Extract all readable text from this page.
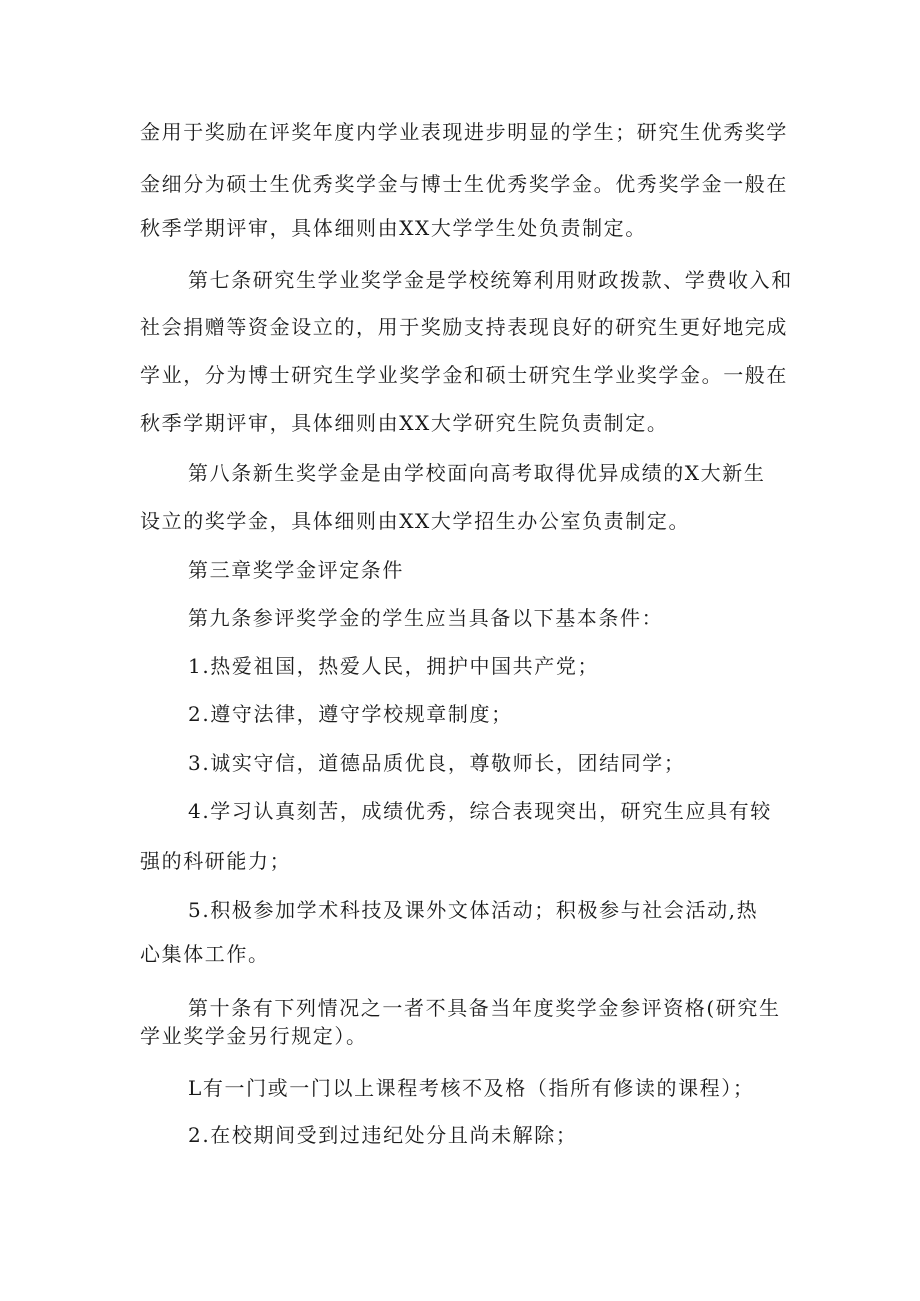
金用于奖励在评奖年度内学业表现进步明显的学生；研究生优秀奖学
金细分为硕士生优秀奖学金与博士生优秀奖学金。优秀奖学金一般在
秋季学期评审，具体细则由XX大学学生处负责制定。
第七条研究生学业奖学金是学校统筹利用财政拨款、学费收入和
社会捐赠等资金设立的，用于奖励支持表现良好的研究生更好地完成
学业，分为博士研究生学业奖学金和硕士研究生学业奖学金。一般在
秋季学期评审，具体细则由XX大学研究生院负责制定。
第八条新生奖学金是由学校面向高考取得优异成绩的X大新生
设立的奖学金，具体细则由XX大学招生办公室负责制定。
第三章奖学金评定条件
第九条参评奖学金的学生应当具备以下基本条件：
1.热爱祖国，热爱人民，拥护中国共产党；
2.遵守法律，遵守学校规章制度；
3.诚实守信，道德品质优良，尊敬师长，团结同学；
4.学习认真刻苦，成绩优秀，综合表现突出，研究生应具有较
强的科研能力；
5.积极参加学术科技及课外文体活动；积极参与社会活动,热
心集体工作。
第十条有下列情况之一者不具备当年度奖学金参评资格(研究生
学业奖学金另行规定）。
L有一门或一门以上课程考核不及格（指所有修读的课程）；
2.在校期间受到过违纪处分且尚未解除；
